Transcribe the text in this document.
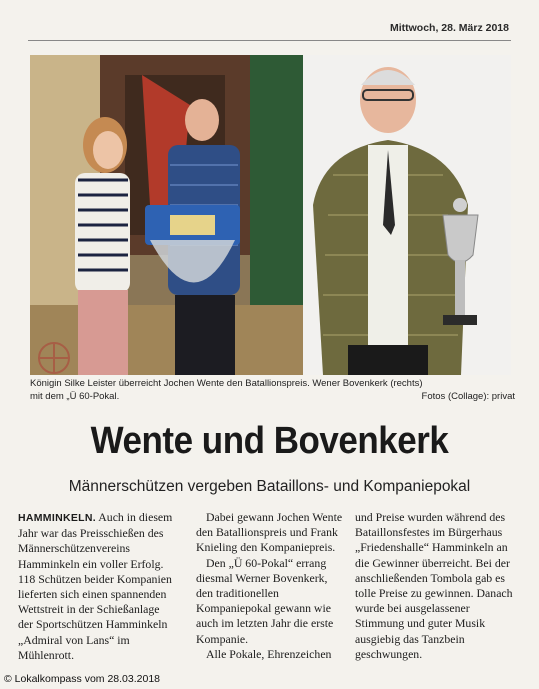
Mittwoch, 28. März 2018
Königin Silke Leister überreicht Jochen Wente den Batallionspreis. Wener Bovenkerk (rechts)
mit dem „Ü 60-Pokal.	Fotos (Collage): privat
Wente und Bovenkerk
Männerschützen vergeben Bataillons- und Kompaniepokal

HAMMINKELN. Auch in diesem Jahr war das Preisschießen des Männerschützenvereins Hamminkeln ein voller Erfolg. 118 Schützen beider Kompanien lieferten sich einen spannenden Wettstreit in der Schießanlage der Sportschützen Hamminkeln „Admiral von Lans“ im Mühlenrott.

Dabei gewann Jochen Wente den Batallionspreis und Frank Knieling den Kompaniepreis.

Den „Ü 60-Pokal“ errang diesmal Werner Bovenkerk, den traditionellen Kompaniepokal gewann wie auch im letzten Jahr die erste Kompanie.

Alle Pokale, Ehrenzeichen

und Preise wurden während des Bataillonsfestes im Bürgerhaus „Friedenshalle“ Hamminkeln an die Gewinner überreicht. Bei der anschließenden Tombola gab es tolle Preise zu gewinnen. Danach wurde bei ausgelassener Stimmung und guter Musik ausgiebig das Tanzbein geschwungen.

© Lokalkompass vom 28.03.2018
